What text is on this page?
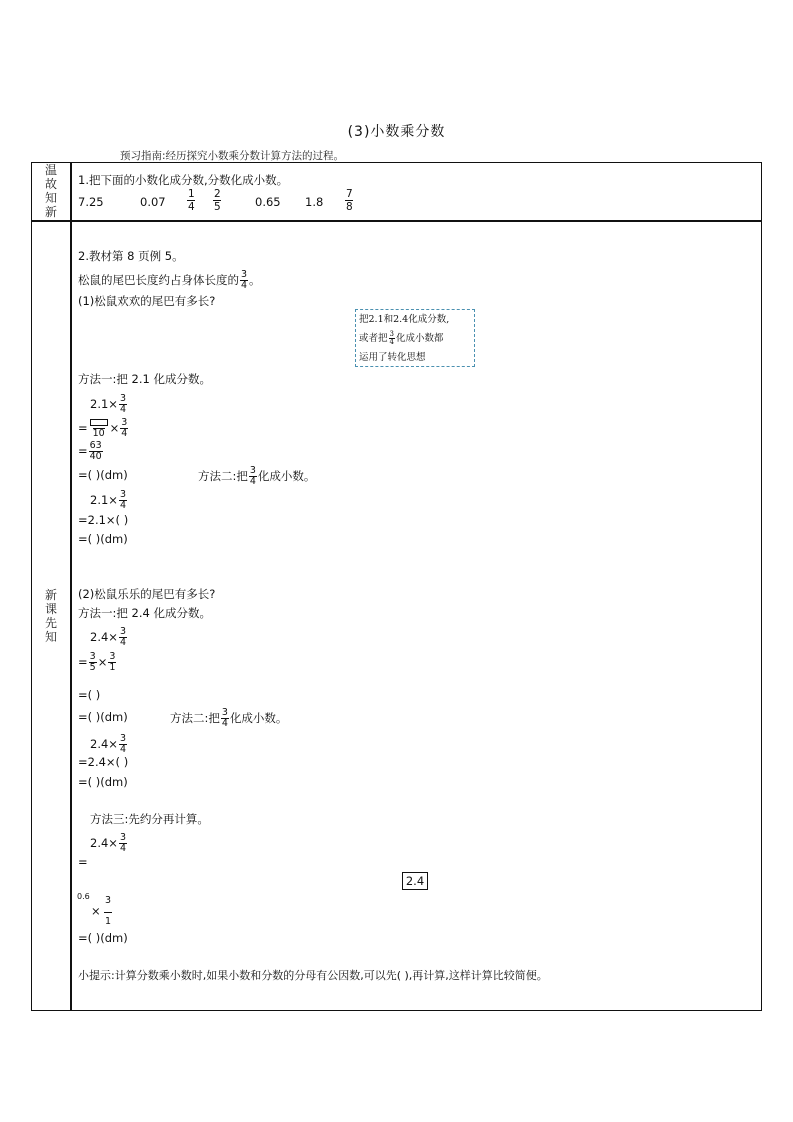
(3)小数乘分数
预习指南:经历探究小数乘分数计算方法的过程。
温
故
知
新
新
课
先
知
1.把下面的小数化成分数,分数化成小数。
7.25	$0.07 \frac{1}{4} \frac{2}{5}$	0.65 $1.8 \frac{7}{8}$
2.教材第 8 页例 5。
松鼠的尾巴长度约占身体长度的 $\frac{3}{4}$ 。
(1)松鼠欢欢的尾巴有多长?
把2.1和2.4化成分数,
或者把 $\frac{3}{4}$ 化成小数都
运用了转化思想
方法一:把 2.1 化成分数。
$2.1\times \frac{3}{4}$
= $10 \times \frac{3}{4}$
= $\frac{63}{40}$
=( )(dm)	方法二:把 $\frac{3}{4}$ 化成小数。
$2.1\times \frac{3}{4}$
=2.1×( )
=( )(dm)
(2)松鼠乐乐的尾巴有多长?
方法一:把 2.4 化成分数。
$2.4\times \frac{3}{4}$
= $\frac{3}{5} \times \frac{3}{1}$
=( )
=( )(dm)	方法二:把 $\frac{3}{4}$ 化成小数。
$2.4\times \frac{3}{4}$
=2.4×( )
=( )(dm)
方法三:先约分再计算。
$2.4\times \frac{3}{4}$
=
2.4
0.6
× $\frac{3}{1}$
=( )(dm)
小提示:计算分数乘小数时,如果小数和分数的分母有公因数,可以先( ),再计算,这样计算比较简便。
